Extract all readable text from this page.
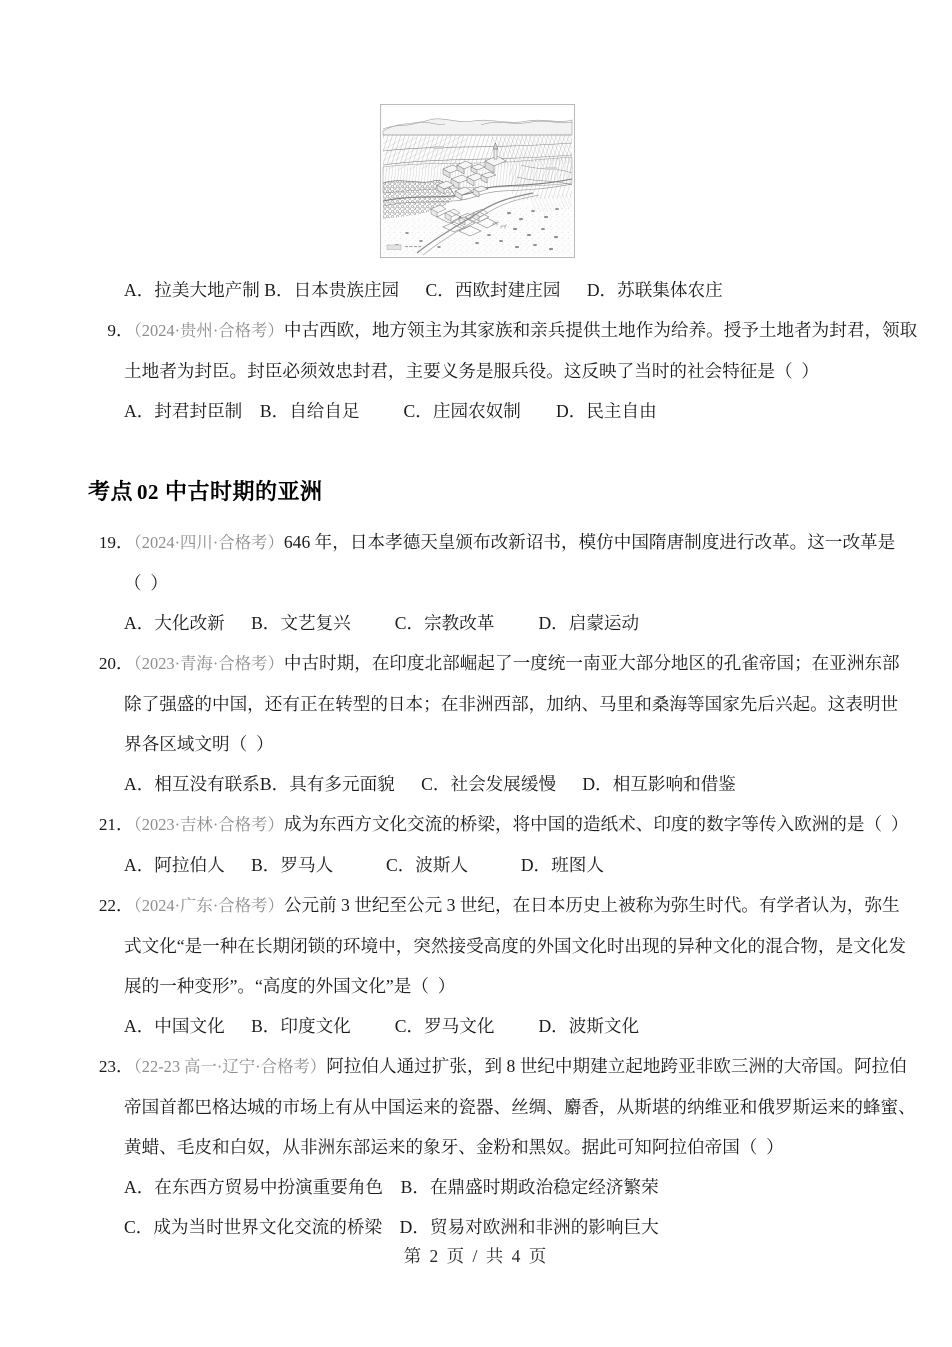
A．拉美大地产制 B．日本贵族庄园      C．西欧封建庄园      D．苏联集体农庄
9．（2024·贵州·合格考）中古西欧，地方领主为其家族和亲兵提供土地作为给养。授予土地者为封君，领取
土地者为封臣。封臣必须效忠封君，主要义务是服兵役。这反映了当时的社会特征是（  ）
A．封君封臣制    B．自给自足          C．庄园农奴制        D．民主自由
考点 02 中古时期的亚洲
19．（2024·四川·合格考）646 年，日本孝德天皇颁布改新诏书，模仿中国隋唐制度进行改革。这一改革是
（  ）
A．大化改新      B．文艺复兴          C．宗教改革          D．启蒙运动
20．（2023·青海·合格考）中古时期，在印度北部崛起了一度统一南亚大部分地区的孔雀帝国；在亚洲东部
除了强盛的中国，还有正在转型的日本；在非洲西部，加纳、马里和桑海等国家先后兴起。这表明世
界各区域文明（  ）
A．相互没有联系B．具有多元面貌      C．社会发展缓慢      D．相互影响和借鉴
21．（2023·吉林·合格考）成为东西方文化交流的桥梁，将中国的造纸术、印度的数字等传入欧洲的是（  ）
A．阿拉伯人      B．罗马人            C．波斯人            D．班图人
22．（2024·广东·合格考）公元前 3 世纪至公元 3 世纪，在日本历史上被称为弥生时代。有学者认为，弥生
式文化“是一种在长期闭锁的环境中，突然接受高度的外国文化时出现的异种文化的混合物，是文化发
展的一种变形”。“高度的外国文化”是（  ）
A．中国文化      B．印度文化          C．罗马文化          D．波斯文化
23．（22-23 高一·辽宁·合格考）阿拉伯人通过扩张，到 8 世纪中期建立起地跨亚非欧三洲的大帝国。阿拉伯
帝国首都巴格达城的市场上有从中国运来的瓷器、丝绸、麝香，从斯堪的纳维亚和俄罗斯运来的蜂蜜、
黄蜡、毛皮和白奴，从非洲东部运来的象牙、金粉和黑奴。据此可知阿拉伯帝国（  ）
A．在东西方贸易中扮演重要角色    B．在鼎盛时期政治稳定经济繁荣
C．成为当时世界文化交流的桥梁    D．贸易对欧洲和非洲的影响巨大
第 2 页 / 共 4 页
